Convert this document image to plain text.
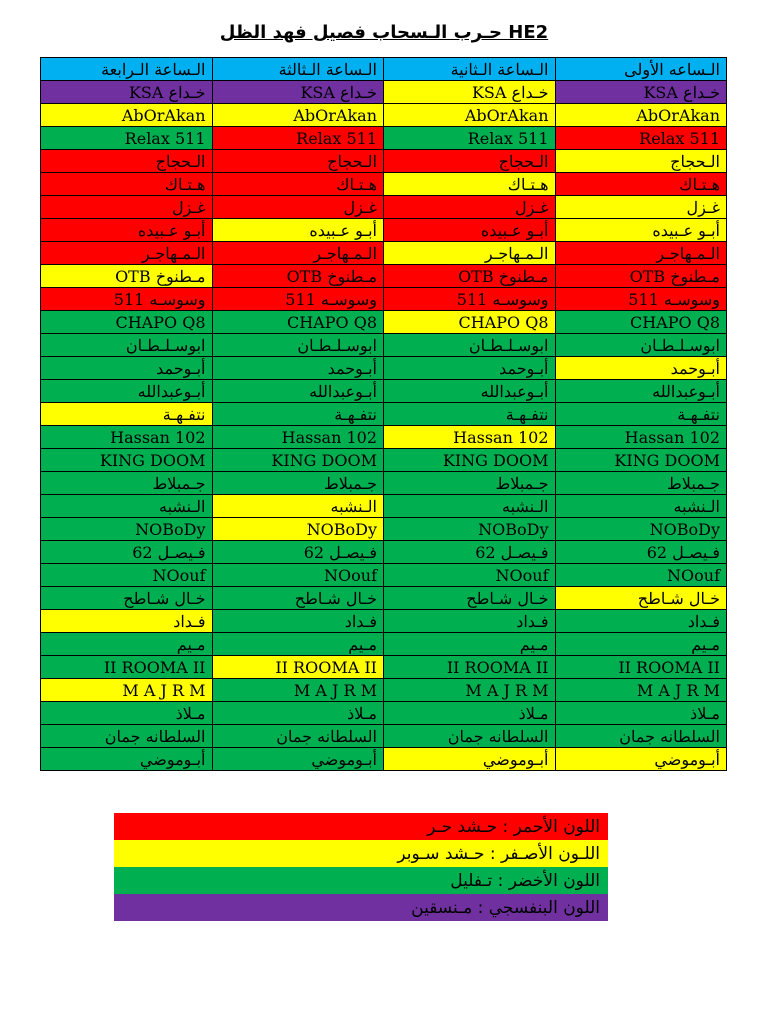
حـرب الـسحاب فصيل فهد الظل HE2
الـساعه الأولى	الـساعة الـثانية	الـساعة الـثالثة	الـساعة الـرابعة
خـداع KSA	خـداع KSA	خـداع KSA	خـداع KSA
AbOrAkan	AbOrAkan	AbOrAkan	AbOrAkan
Relax 511	Relax 511	Relax 511	Relax 511
الـحجاج	الـحجاج	الـحجاج	الـحجاج
هـتـاك	هـتـاك	هـتـاك	هـتـاك
غـزل	غـزل	غـزل	غـزل
أبـو عـبيده	أبـو عـبيده	أبـو عـبيده	أبـو عـبيده
الـمـهاجـر	الـمـهاجـر	الـمـهاجـر	الـمـهاجـر
مـطنوخ OTB	مـطنوخ OTB	مـطنوخ OTB	مـطنوخ OTB
وسوسـه 511	وسوسـه 511	وسوسـه 511	وسوسـه 511
CHAPO Q8	CHAPO Q8	CHAPO Q8	CHAPO Q8
ابوسـلـطـان	ابوسـلـطـان	ابوسـلـطـان	ابوسـلـطـان
أبـوحمد	أبـوحمد	أبـوحمد	أبـوحمد
أبـوعبدالله	أبـوعبدالله	أبـوعبدالله	أبـوعبدالله
نتفـهـة	نتفـهـة	نتفـهـة	نتفـهـة
Hassan 102	Hassan 102	Hassan 102	Hassan 102
KING DOOM	KING DOOM	KING DOOM	KING DOOM
جـمبلاط	جـمبلاط	جـمبلاط	جـمبلاط
الـنشبه	الـنشبه	الـنشبه	الـنشبه
NOBoDy	NOBoDy	NOBoDy	NOBoDy
فـيصـل 62	فـيصـل 62	فـيصـل 62	فـيصـل 62
NOouf	NOouf	NOouf	NOouf
خـال شـاطح	خـال شـاطح	خـال شـاطح	خـال شـاطح
فـداد	فـداد	فـداد	فـداد
مـيم	مـيم	مـيم	مـيم
II ROOMA II	II ROOMA II	II ROOMA II	II ROOMA II
M A J R M	M A J R M	M A J R M	M A J R M
مـلاذ	مـلاذ	مـلاذ	مـلاذ
السلطانه جمان	السلطانه جمان	السلطانه جمان	السلطانه جمان
أبـوموضي	أبـوموضي	أبـوموضي	أبـوموضي
اللون الأحمر : حـشد حـر
اللـون الأصـفر : حـشد سـوبر
اللون الأخضر : تـفليل
اللون البنفسجي : مـنسقين
